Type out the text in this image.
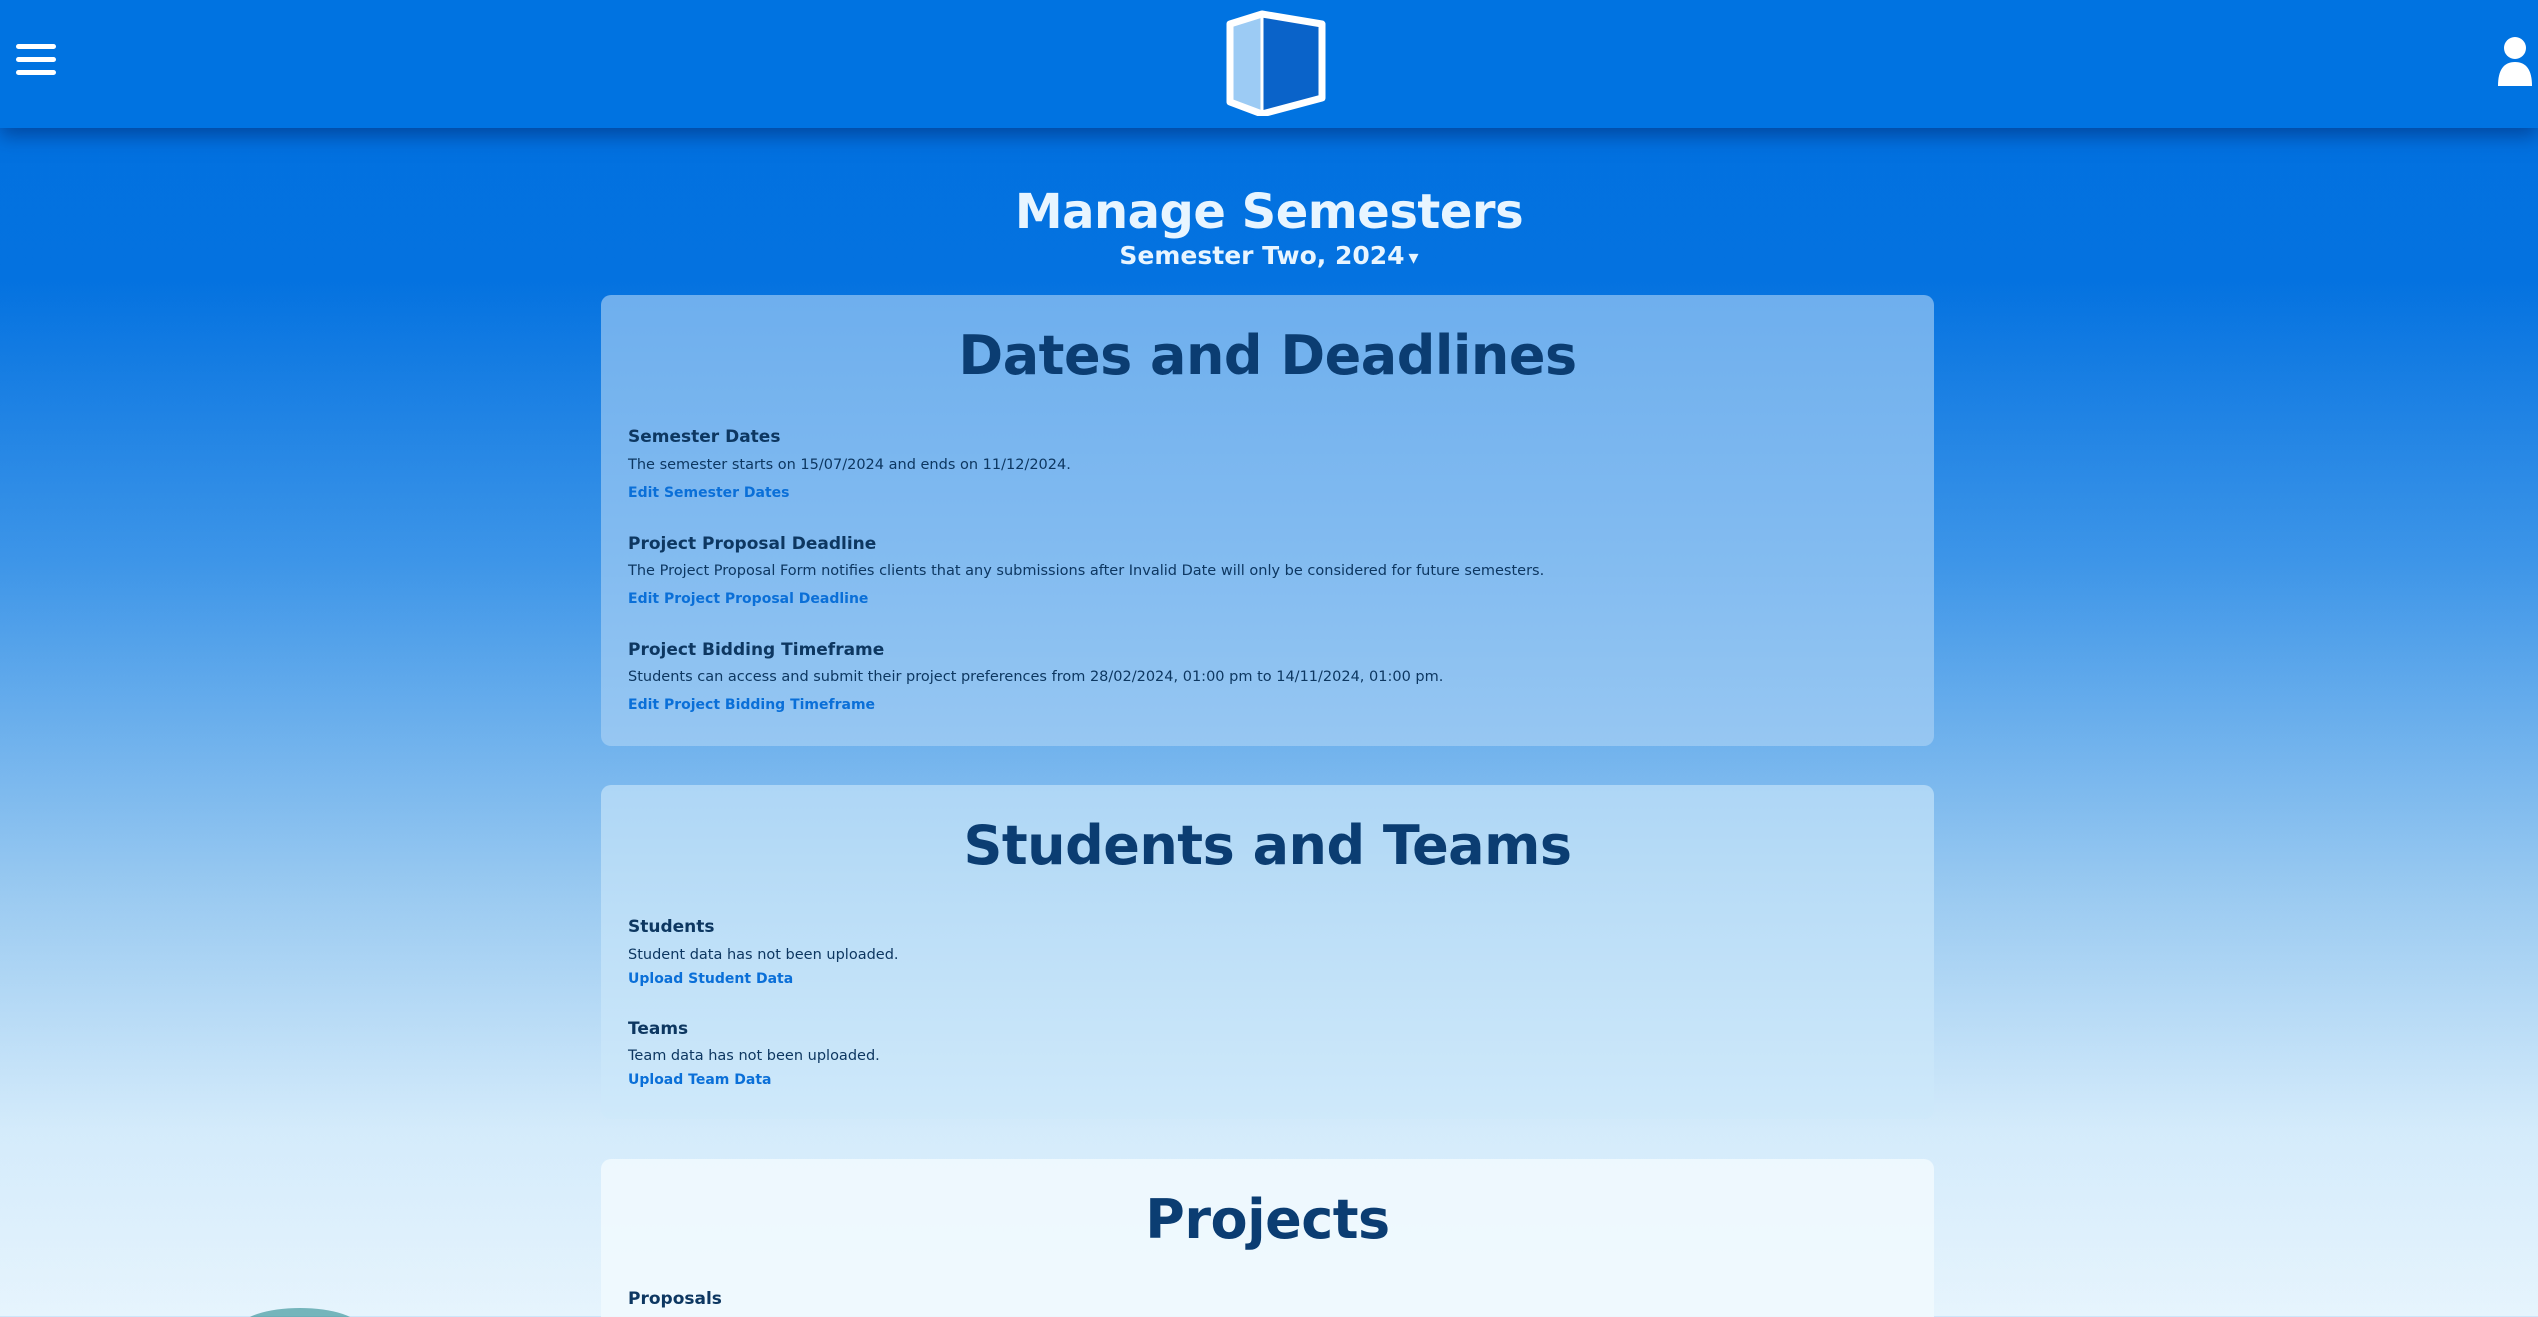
Manage Semesters
Semester Two, 2024 ▾
Dates and Deadlines

Semester Dates

The semester starts on 15/07/2024 and ends on 11/12/2024.

Edit Semester Dates

Project Proposal Deadline

The Project Proposal Form notifies clients that any submissions after Invalid Date will only be considered for future semesters.

Edit Project Proposal Deadline

Project Bidding Timeframe

Students can access and submit their project preferences from 28/02/2024, 01:00 pm to 14/11/2024, 01:00 pm.

Edit Project Bidding Timeframe
Students and Teams

Students

Student data has not been uploaded.

Upload Student Data

Teams

Team data has not been uploaded.

Upload Team Data
Projects

Proposals
